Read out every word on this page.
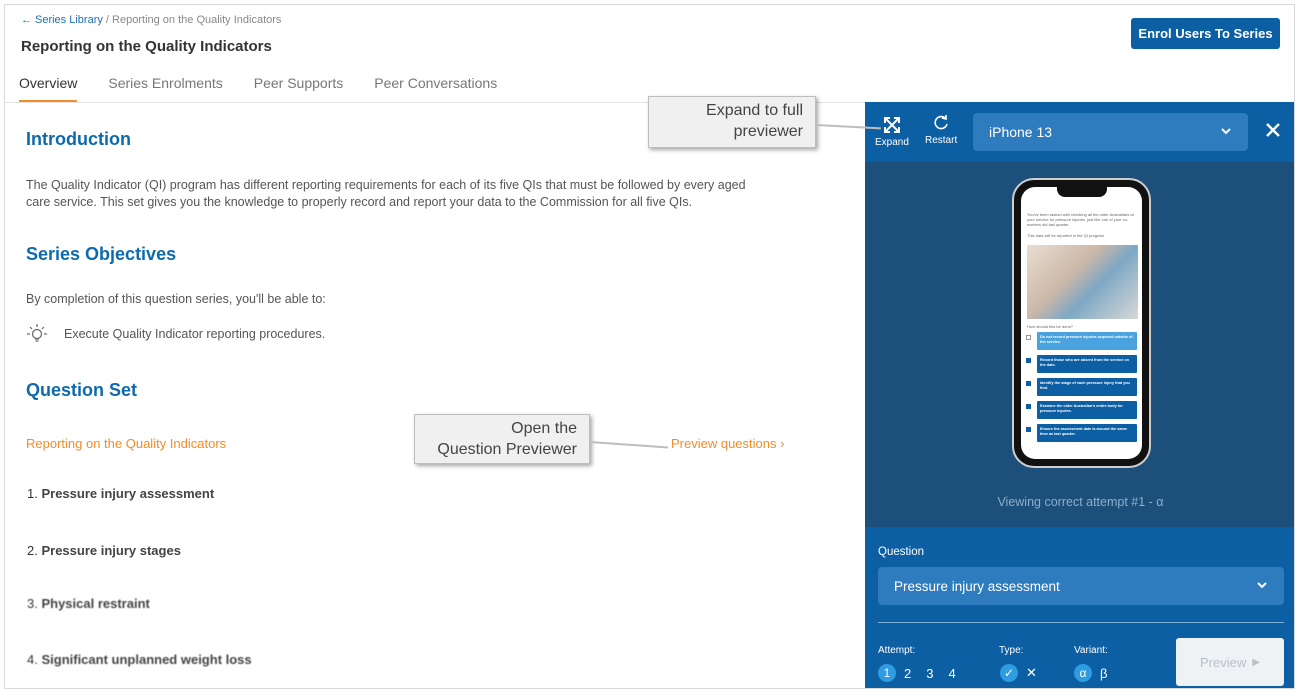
← Series Library / Reporting on the Quality Indicators
Reporting on the Quality Indicators
Enrol Users To Series
Overview Series Enrolments Peer Supports Peer Conversations
Introduction
The Quality Indicator (QI) program has different reporting requirements for each of its five QIs that must be followed by every aged
care service. This set gives you the knowledge to properly record and report your data to the Commission for all five QIs.
Series Objectives
By completion of this question series, you'll be able to:
Execute Quality Indicator reporting procedures.
Question Set
Reporting on the Quality Indicators	Preview questions ›
1. Pressure injury assessment
2. Pressure injury stages
3. Physical restraint
4. Significant unplanned weight loss
Expand Restart
iPhone 13
You've been tasked with checking all the older Australians at your service for pressure injuries, just like one of your co-workers did last quarter.
This data will be reported in the QI program.
How should this be done?
Do not record pressure injuries acquired outside of the service.
Record those who are absent from the service on the date.
Identify the stage of each pressure injury that you find.
Examine the older Australian's entire body for pressure injuries.
Ensure the assessment date is around the same time as last quarter.
Viewing correct attempt #1 - α
Question
Pressure injury assessment
Attempt:
1	2 3 4
Type:
✓ ✕
Variant:
α	β
Preview ▶
Expand to full
previewer
Open the
Question Previewer
